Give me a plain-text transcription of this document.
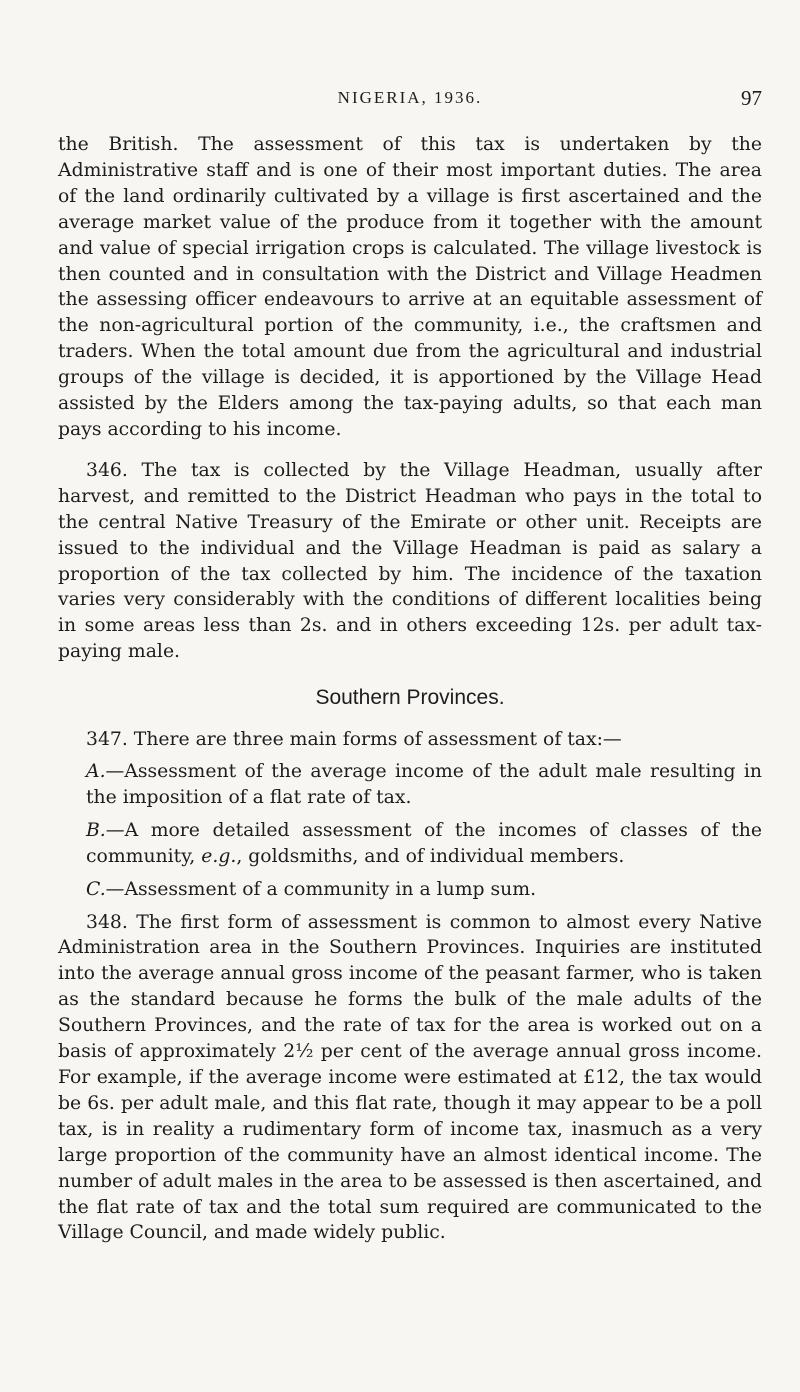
NIGERIA, 1936.	97

the British. The assessment of this tax is undertaken by the Administrative staff and is one of their most important duties. The area of the land ordinarily cultivated by a village is first ascertained and the average market value of the produce from it together with the amount and value of special irrigation crops is calculated. The village livestock is then counted and in consultation with the District and Village Headmen the assessing officer endeavours to arrive at an equitable assessment of the non-agricultural portion of the community, i.e., the craftsmen and traders. When the total amount due from the agricultural and industrial groups of the village is decided, it is apportioned by the Village Head assisted by the Elders among the tax-paying adults, so that each man pays according to his income.

346. The tax is collected by the Village Headman, usually after harvest, and remitted to the District Headman who pays in the total to the central Native Treasury of the Emirate or other unit. Receipts are issued to the individual and the Village Headman is paid as salary a proportion of the tax collected by him. The incidence of the taxation varies very considerably with the conditions of different localities being in some areas less than 2s. and in others exceeding 12s. per adult tax-paying male.

Southern Provinces.

347. There are three main forms of assessment of tax:—

A.—Assessment of the average income of the adult male resulting in the imposition of a flat rate of tax.

B.—A more detailed assessment of the incomes of classes of the community, e.g., goldsmiths, and of individual members.

C.—Assessment of a community in a lump sum.

348. The first form of assessment is common to almost every Native Administration area in the Southern Provinces. Inquiries are instituted into the average annual gross income of the peasant farmer, who is taken as the standard because he forms the bulk of the male adults of the Southern Provinces, and the rate of tax for the area is worked out on a basis of approximately 2½ per cent of the average annual gross income. For example, if the average income were estimated at £12, the tax would be 6s. per adult male, and this flat rate, though it may appear to be a poll tax, is in reality a rudimentary form of income tax, inasmuch as a very large proportion of the community have an almost identical income. The number of adult males in the area to be assessed is then ascertained, and the flat rate of tax and the total sum required are communicated to the Village Council, and made widely public.
